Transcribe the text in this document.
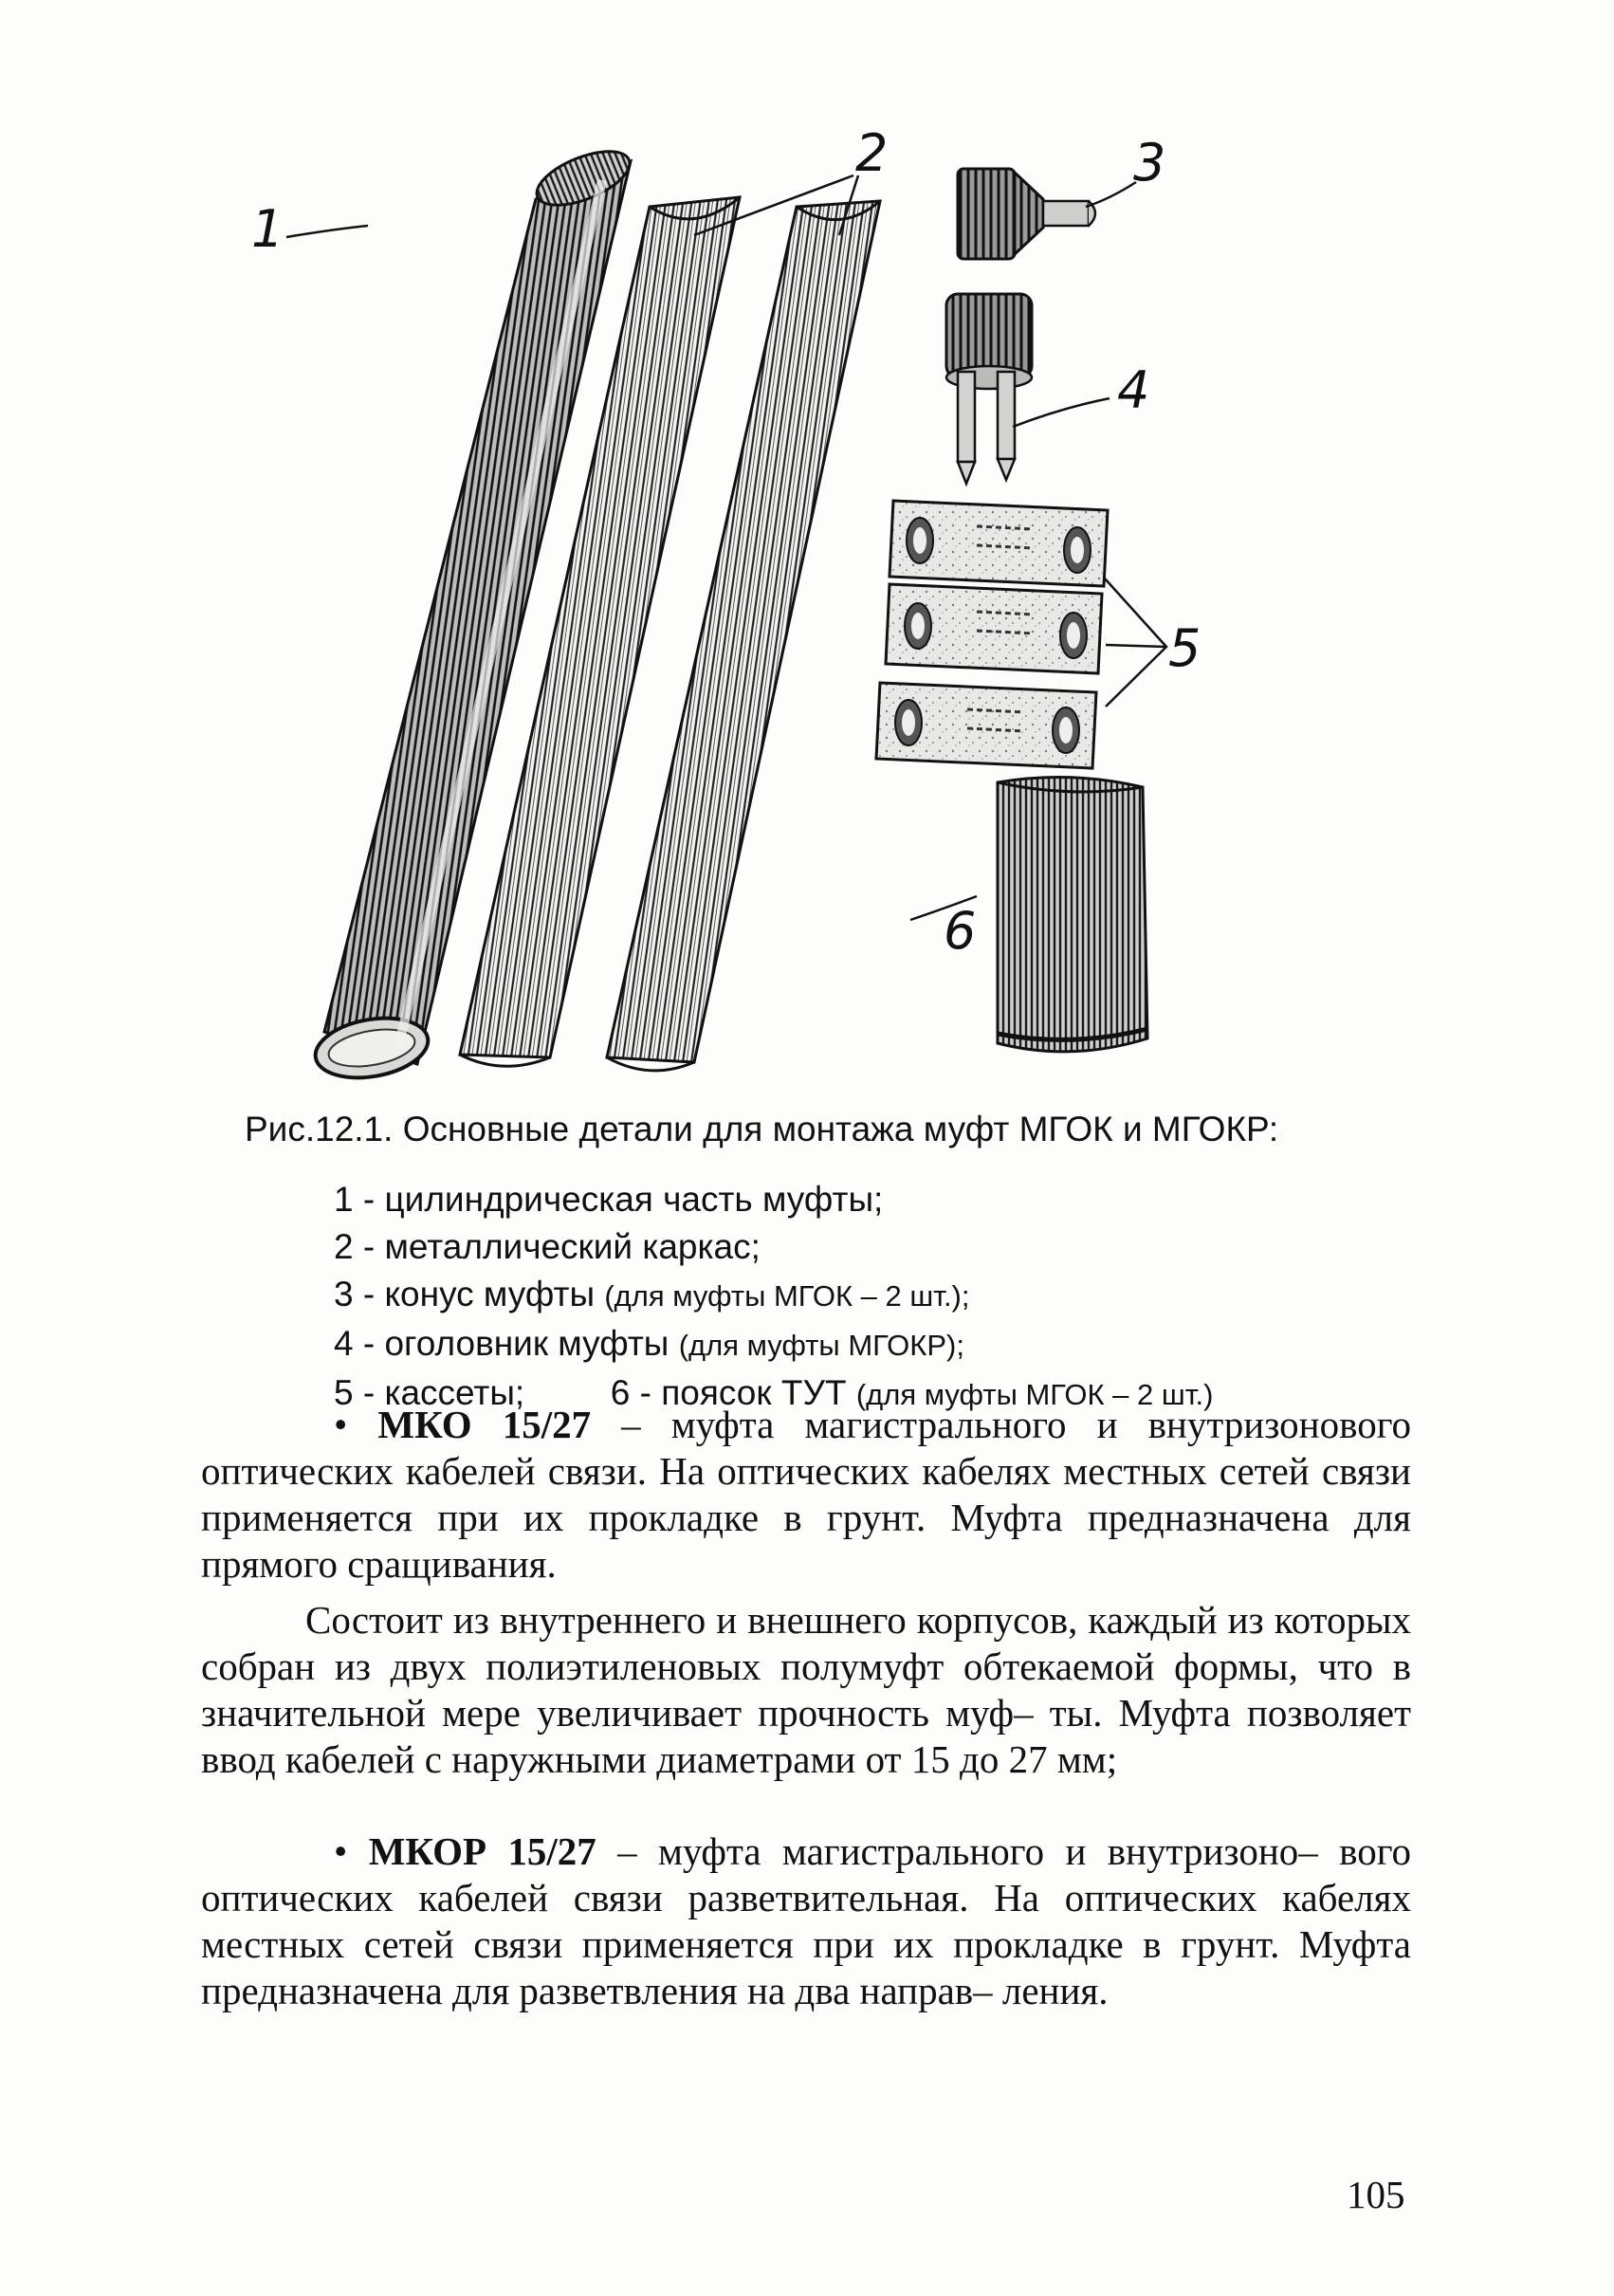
1
2	3
4
5
6
Рис.12.1. Основные детали для монтажа муфт МГОК и МГОКР:
1 - цилиндрическая часть муфты;
2 - металлический каркас;
3 - конус муфты (для муфты МГОК – 2 шт.);
4 - оголовник муфты (для муфты МГОКР);
5 - кассеты; 6 - поясок ТУТ (для муфты МГОК – 2 шт.)

• МКО 15/27 – муфта магистрального и внутризонового оптических кабелей связи. На оптических кабелях местных сетей связи применяется при их прокладке в грунт. Муфта предназначена для прямого сращивания.

Состоит из внутреннего и внешнего корпусов, каждый из которых собран из двух полиэтиленовых полумуфт обтекаемой формы, что в значительной мере увеличивает прочность муф– ты. Муфта позволяет ввод кабелей с наружными диаметрами от 15 до 27 мм;

• МКОР 15/27 – муфта магистрального и внутризоно– вого оптических кабелей связи разветвительная. На оптических кабелях местных сетей связи применяется при их прокладке в грунт. Муфта предназначена для разветвления на два направ– ления.

105
